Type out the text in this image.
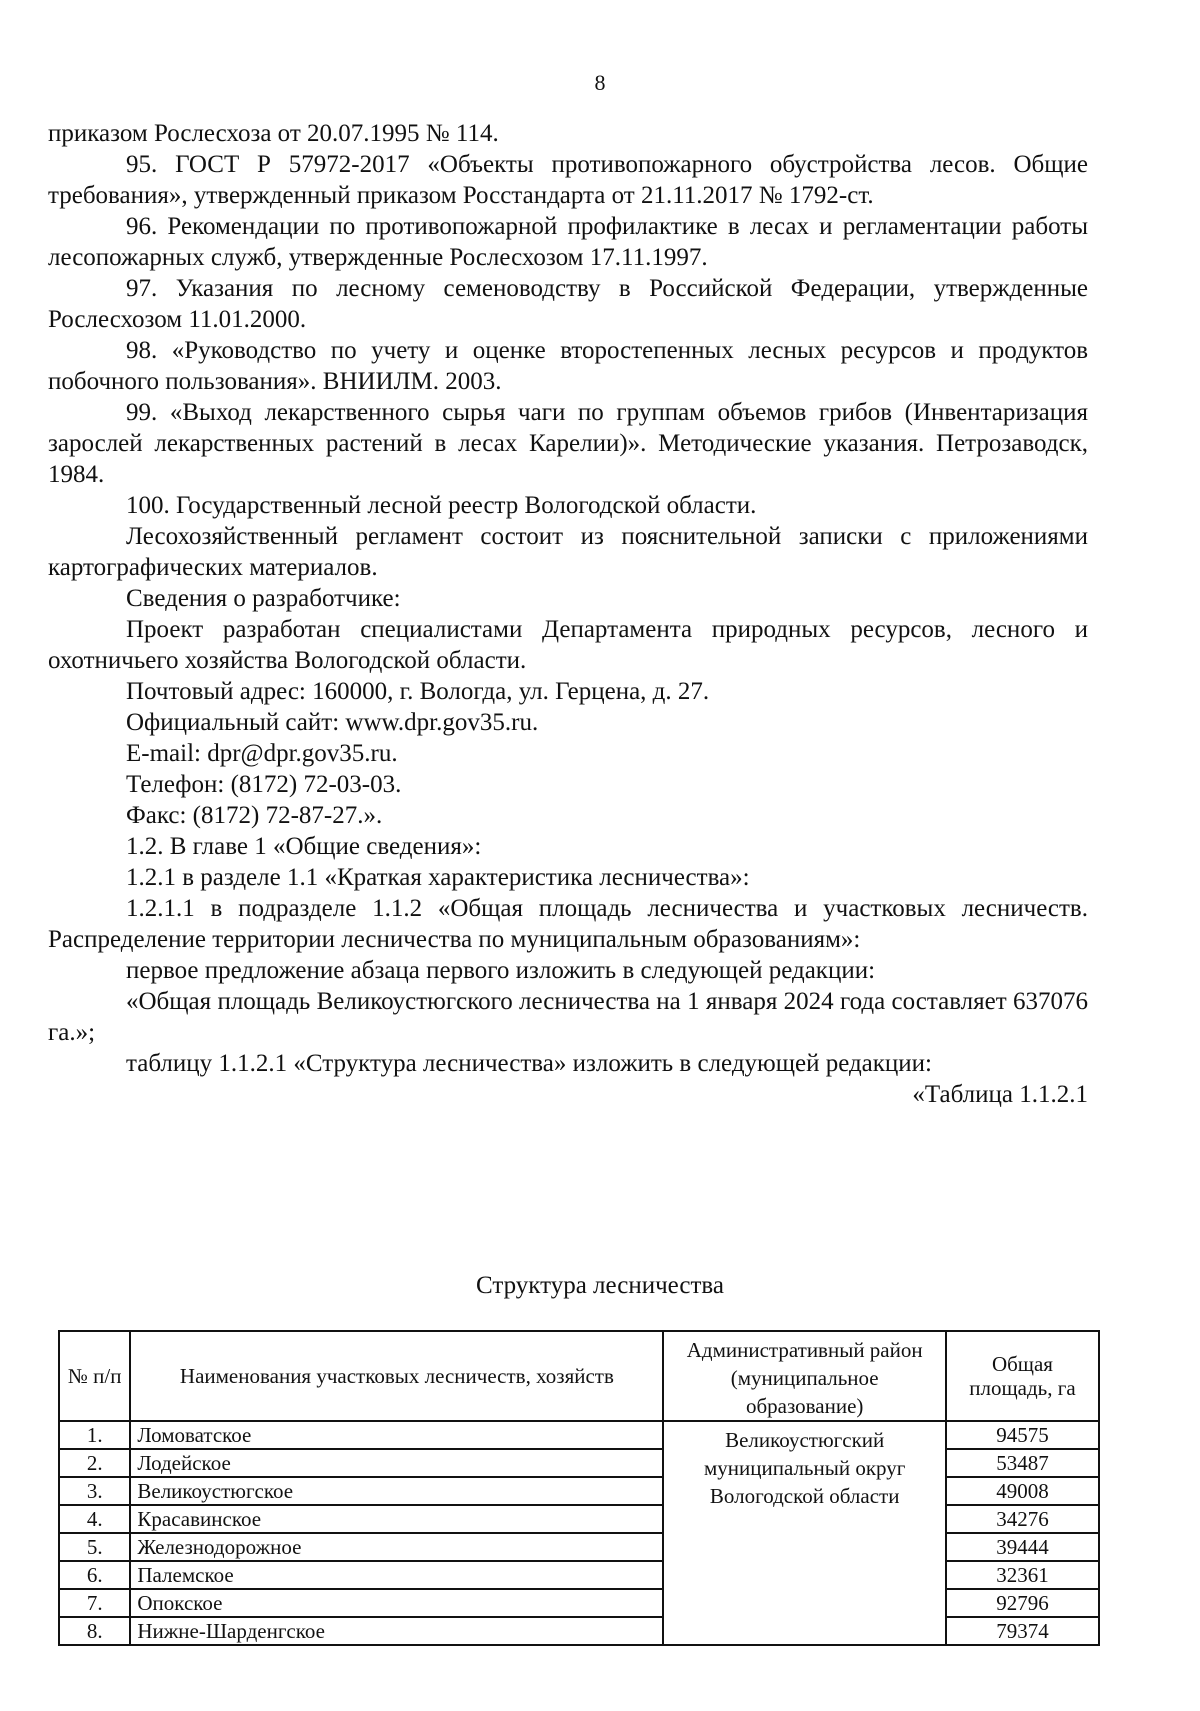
8

приказом Рослесхоза от 20.07.1995 № 114.

95. ГОСТ Р 57972-2017 «Объекты противопожарного обустройства лесов. Общие требования», утвержденный приказом Росстандарта от 21.11.2017 № 1792-ст.

96. Рекомендации по противопожарной профилактике в лесах и регламентации работы лесопожарных служб, утвержденные Рослесхозом 17.11.1997.

97. Указания по лесному семеноводству в Российской Федерации, утвержденные Рослесхозом 11.01.2000.

98. «Руководство по учету и оценке второстепенных лесных ресурсов и продуктов побочного пользования». ВНИИЛМ. 2003.

99. «Выход лекарственного сырья чаги по группам объемов грибов (Инвентаризация зарослей лекарственных растений в лесах Карелии)». Методические указания. Петрозаводск, 1984.

100. Государственный лесной реестр Вологодской области.

Лесохозяйственный регламент состоит из пояснительной записки с приложениями картографических материалов.

Сведения о разработчике:

Проект разработан специалистами Департамента природных ресурсов, лесного и охотничьего хозяйства Вологодской области.

Почтовый адрес: 160000, г. Вологда, ул. Герцена, д. 27.

Официальный сайт: www.dpr.gov35.ru.

E-mail: dpr@dpr.gov35.ru.

Телефон: (8172) 72-03-03.

Факс: (8172) 72-87-27.».

1.2. В главе 1 «Общие сведения»:

1.2.1 в разделе 1.1 «Краткая характеристика лесничества»:

1.2.1.1 в подразделе 1.1.2 «Общая площадь лесничества и участковых лесничеств. Распределение территории лесничества по муниципальным образованиям»:

первое предложение абзаца первого изложить в следующей редакции:

«Общая площадь Великоустюгского лесничества на 1 января 2024 года составляет 637076 га.»;

таблицу 1.1.2.1 «Структура лесничества» изложить в следующей редакции:

«Таблица 1.1.2.1

Структура лесничества
№ п/п	Наименования участковых лесничеств, хозяйств	Административный район (муниципальное образование)	Общая площадь, га
1.	Ломоватское	Великоустюгский муниципальный округ Вологодской области	94575
2.	Лодейское		53487
3.	Великоустюгское		49008
4.	Красавинское		34276
5.	Железнодорожное		39444
6.	Палемское		32361
7.	Опокское		92796
8.	Нижне-Шарденгское		79374
